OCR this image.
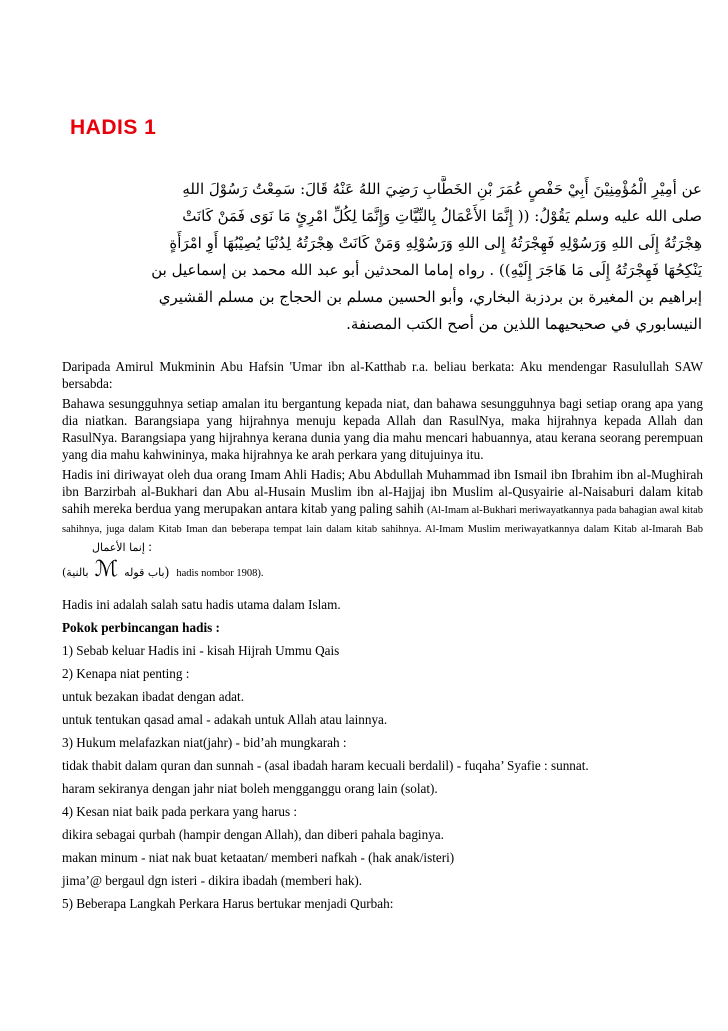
HADIS 1
عن أمِيْرِ الْمُؤْمِنِيْنَ أَبِيْ حَفْصٍ عُمَرَ بْنِ الخَطَّابِ رَضِيَ اللهُ عَنْهُ قَالَ: سَمِعْتُ رَسُوْلَ اللهِ
صلى الله عليه وسلم يَقُوْلُ: (( إِنَّمَا الأَعْمَالُ بِالنِّيَّاتِ وَإِنَّمَا لِكُلِّ امْرِئٍ مَا نَوَى فَمَنْ كَانَتْ
هِجْرَتُهُ إِلَى اللهِ وَرَسُوْلِهِ فَهِجْرَتُهُ إِلى اللهِ وَرَسُوْلِهِ وَمَنْ كَانَتْ هِجْرَتُهُ لِدُنْيَا يُصِيْبُهَا أَوِ امْرَأَةٍ
يَنْكِحُهَا فَهِجْرَتُهُ إِلَى مَا هَاجَرَ إِلَيْهِ)) . رواه إماما المحدثين أبو عبد الله محمد بن إسماعيل بن
إبراهيم بن المغيرة بن بردزبة البخاري، وأبو الحسين مسلم بن الحجاج بن مسلم القشيري
النيسابوري في صحيحيهما اللذين من أصح الكتب المصنفة.

Daripada Amirul Mukminin Abu Hafsin 'Umar ibn al-Katthab r.a. beliau berkata: Aku mendengar Rasulullah SAW bersabda:

Bahawa sesungguhnya setiap amalan itu bergantung kepada niat, dan bahawa sesungguhnya bagi setiap orang apa yang dia niatkan. Barangsiapa yang hijrahnya menuju kepada Allah dan RasulNya, maka hijrahnya kepada Allah dan RasulNya. Barangsiapa yang hijrahnya kerana dunia yang dia mahu mencari habuannya, atau kerana seorang perempuan yang dia mahu kahwininya, maka hijrahnya ke arah perkara yang ditujuinya itu.

Hadis ini diriwayat oleh dua orang Imam Ahli Hadis; Abu Abdullah Muhammad ibn Ismail ibn Ibrahim ibn al-Mughirah ibn Barzirbah al-Bukhari dan Abu al-Husain Muslim ibn al-Hajjaj ibn Muslim al-Qusyairie al-Naisaburi dalam kitab sahih mereka berdua yang merupakan antara kitab yang paling sahih (Al-Imam al-Bukhari meriwayatkannya pada bahagian awal kitab sahihnya, juga dalam Kitab Iman dan beberapa tempat lain dalam kitab sahihnya. Al-Imam Muslim meriwayatkannya dalam Kitab al-Imarah Bab إنما الأعمال :

(بالنية ℳ باب قوله) hadis nombor 1908).

Hadis ini adalah salah satu hadis utama dalam Islam.

Pokok perbincangan hadis :

1) Sebab keluar Hadis ini - kisah Hijrah Ummu Qais

2) Kenapa niat penting :

untuk bezakan ibadat dengan adat.

untuk tentukan qasad amal - adakah untuk Allah atau lainnya.

3) Hukum melafazkan niat(jahr) - bid’ah mungkarah :

tidak thabit dalam quran dan sunnah - (asal ibadah haram kecuali berdalil) - fuqaha’ Syafie : sunnat.

haram sekiranya dengan jahr niat boleh mengganggu orang lain (solat).

4) Kesan niat baik pada perkara yang harus :

dikira sebagai qurbah (hampir dengan Allah), dan diberi pahala baginya.

makan minum - niat nak buat ketaatan/ memberi nafkah - (hak anak/isteri)

jima’@ bergaul dgn isteri - dikira ibadah (memberi hak).

5) Beberapa Langkah Perkara Harus bertukar menjadi Qurbah:
